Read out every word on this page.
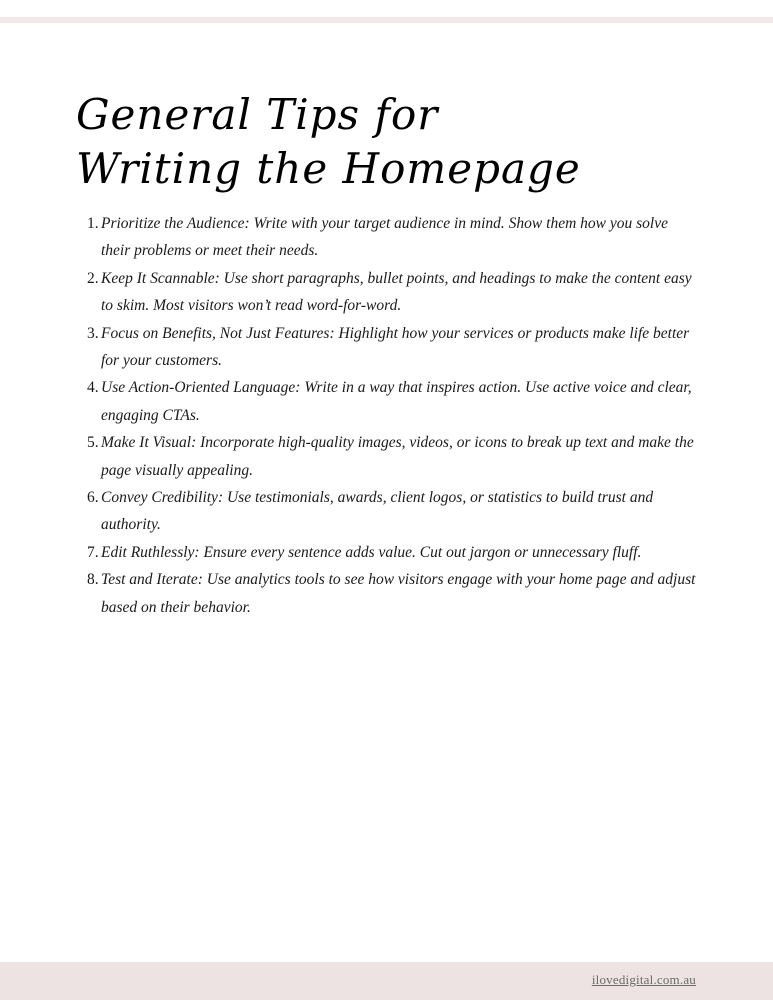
General Tips for Writing the Homepage
1. Prioritize the Audience: Write with your target audience in mind. Show them how you solve their problems or meet their needs.
2. Keep It Scannable: Use short paragraphs, bullet points, and headings to make the content easy to skim. Most visitors won’t read word-for-word.
3. Focus on Benefits, Not Just Features: Highlight how your services or products make life better for your customers.
4. Use Action-Oriented Language: Write in a way that inspires action. Use active voice and clear, engaging CTAs.
5. Make It Visual: Incorporate high-quality images, videos, or icons to break up text and make the page visually appealing.
6. Convey Credibility: Use testimonials, awards, client logos, or statistics to build trust and authority.
7. Edit Ruthlessly: Ensure every sentence adds value. Cut out jargon or unnecessary fluff.
8. Test and Iterate: Use analytics tools to see how visitors engage with your home page and adjust based on their behavior.
ilovedigital.com.au
